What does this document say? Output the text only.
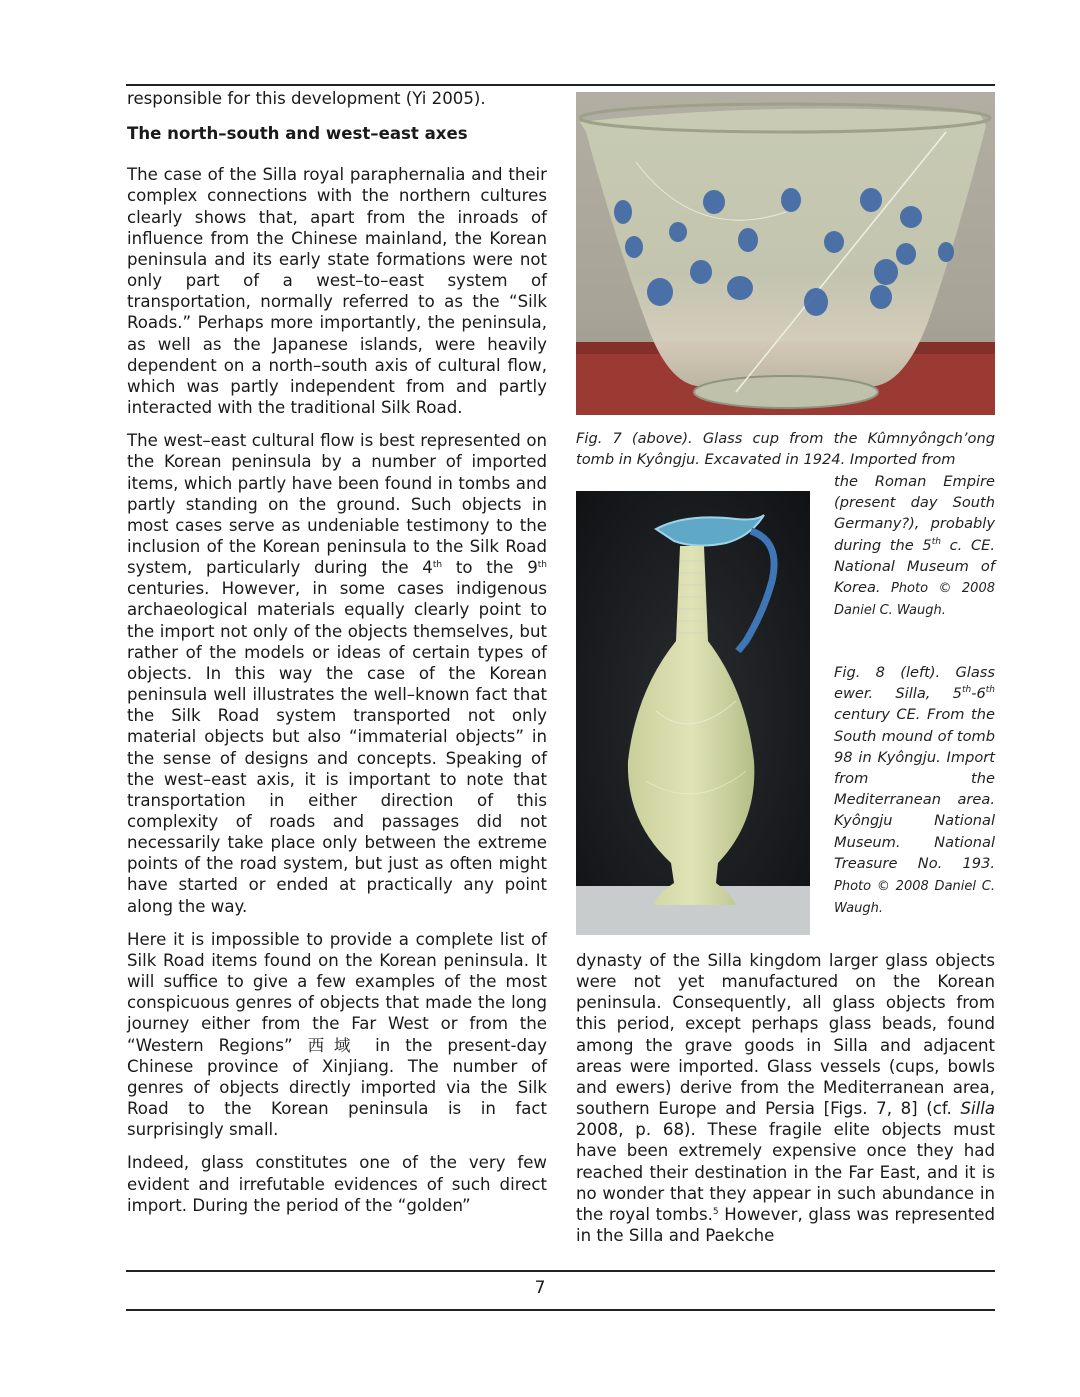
responsible for this development (Yi 2005).

The north–south and west–east axes

The case of the Silla royal paraphernalia and their complex connections with the northern cultures clearly shows that, apart from the inroads of influence from the Chinese mainland, the Korean peninsula and its early state formations were not only part of a west–to–east system of transportation, normally referred to as the “Silk Roads.” Perhaps more importantly, the peninsula, as well as the Japanese islands, were heavily dependent on a north–south axis of cultural flow, which was partly independent from and partly interacted with the traditional Silk Road.

The west–east cultural flow is best represented on the Korean peninsula by a number of imported items, which partly have been found in tombs and partly standing on the ground. Such objects in most cases serve as undeniable testimony to the inclusion of the Korean peninsula to the Silk Road system, particularly during the 4th to the 9th centuries. However, in some cases indigenous archaeological materials equally clearly point to the import not only of the objects themselves, but rather of the models or ideas of certain types of objects. In this way the case of the Korean peninsula well illustrates the well–known fact that the Silk Road system transported not only material objects but also “immaterial objects” in the sense of designs and concepts. Speaking of the west–east axis, it is important to note that transportation in either direction of this complexity of roads and passages did not necessarily take place only between the extreme points of the road system, but just as often might have started or ended at practically any point along the way.

Here it is impossible to provide a complete list of Silk Road items found on the Korean peninsula. It will suffice to give a few examples of the most conspicuous genres of objects that made the long journey either from the Far West or from the “Western Regions” 西域 in the present-day Chinese province of Xinjiang. The number of genres of objects directly imported via the Silk Road to the Korean peninsula is in fact surprisingly small.

Indeed, glass constitutes one of the very few evident and irrefutable evidences of such direct import. During the period of the “golden”

Fig. 7 (above). Glass cup from the Kûmnyôngch’ong tomb in Kyôngju. Excavated in 1924. Imported from

the Roman Empire (present day South Germany?), probably during the 5th c. CE. National Museum of Korea. Photo © 2008 Daniel C. Waugh.

Fig. 8 (left). Glass ewer. Silla, 5th-6th century CE. From the South mound of tomb 98 in Kyôngju. Import from the Mediterranean area. Kyôngju National Museum. National Treasure No. 193. Photo © 2008 Daniel C. Waugh.

dynasty of the Silla kingdom larger glass objects were not yet manufactured on the Korean peninsula. Consequently, all glass objects from this period, except perhaps glass beads, found among the grave goods in Silla and adjacent areas were imported. Glass vessels (cups, bowls and ewers) derive from the Mediterranean area, southern Europe and Persia [Figs. 7, 8] (cf. Silla 2008, p. 68). These fragile elite objects must have been extremely expensive once they had reached their destination in the Far East, and it is no wonder that they appear in such abundance in the royal tombs.$^5$ However, glass was represented in the Silla and Paekche

7
